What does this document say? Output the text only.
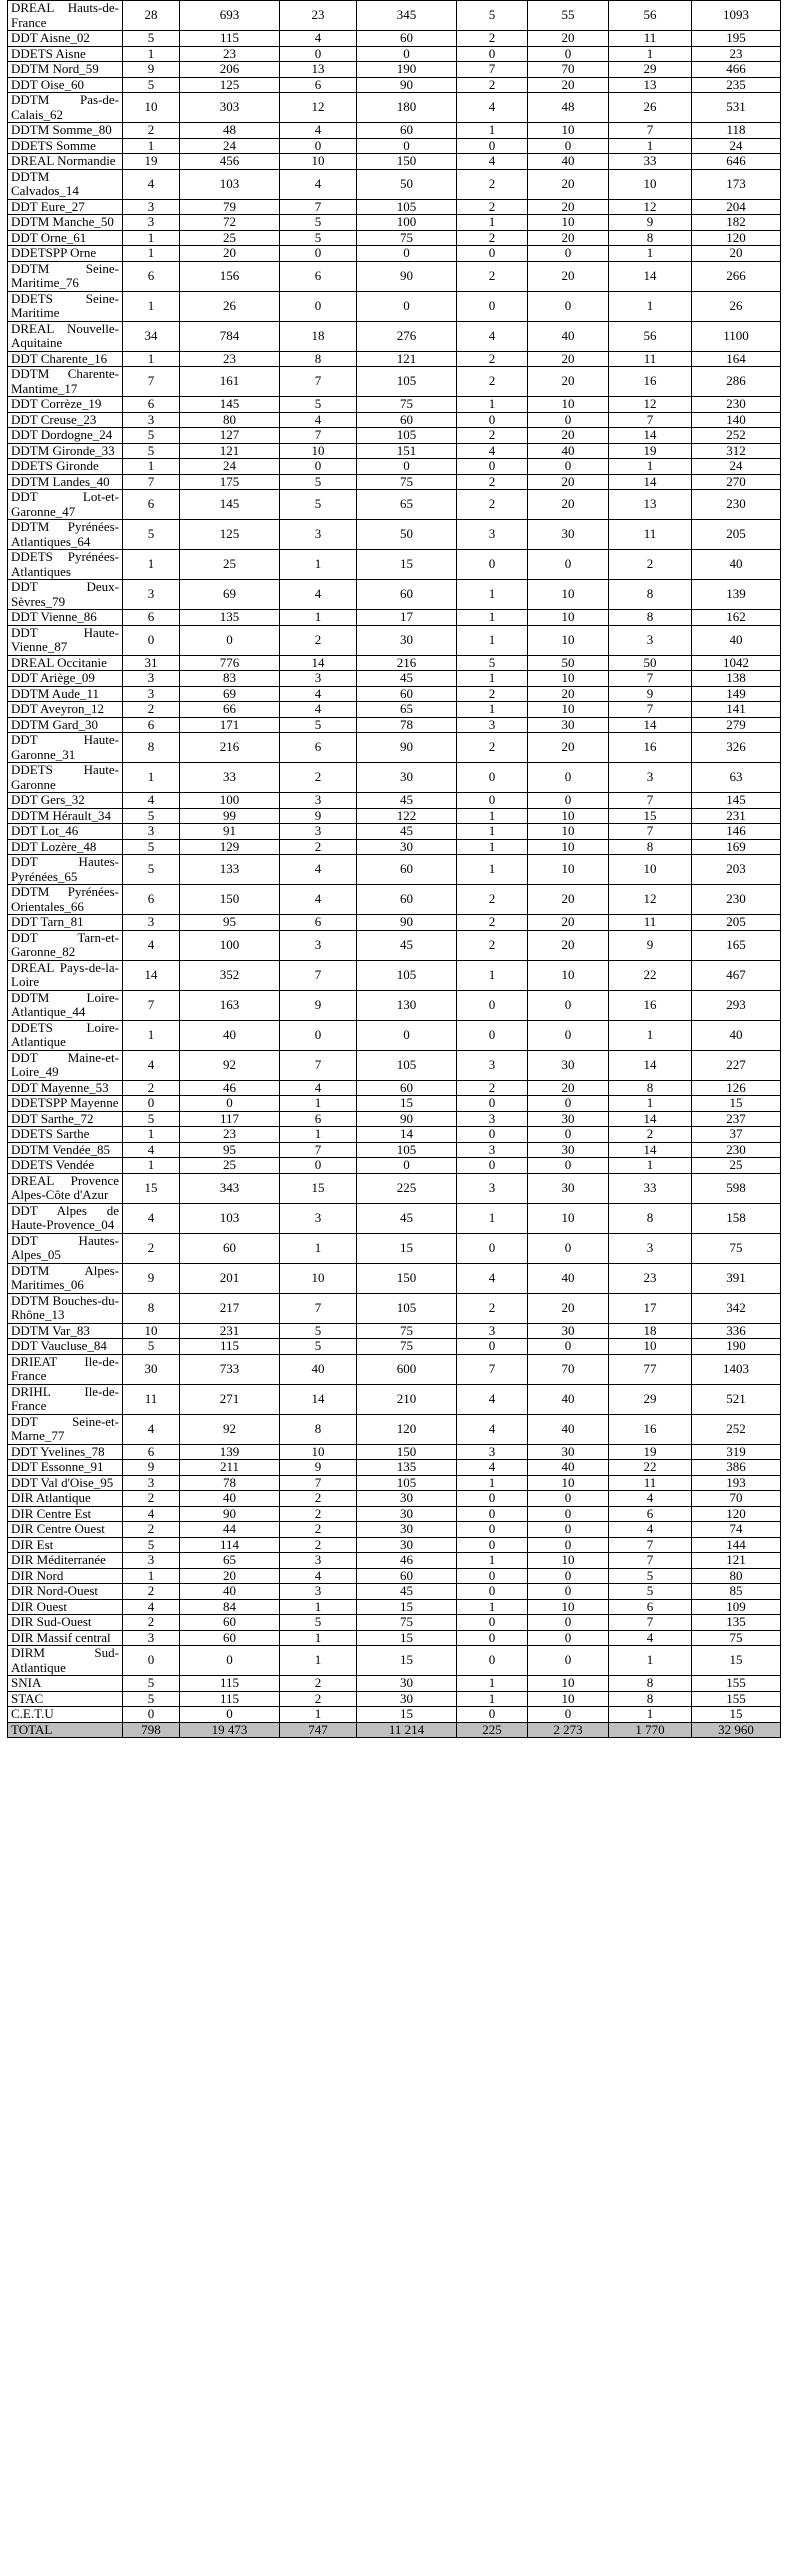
DREAL Hauts-de-France	28	693	23	345	5	55	56	1093
DDT Aisne_02	5	115	4	60	2	20	11	195
DDETS Aisne	1	23	0	0	0	0	1	23
DDTM Nord_59	9	206	13	190	7	70	29	466
DDT Oise_60	5	125	6	90	2	20	13	235
DDTM Pas-de-Calais_62	10	303	12	180	4	48	26	531
DDTM Somme_80	2	48	4	60	1	10	7	118
DDETS Somme	1	24	0	0	0	0	1	24
DREAL Normandie	19	456	10	150	4	40	33	646
DDTM Calvados_14	4	103	4	50	2	20	10	173
DDT Eure_27	3	79	7	105	2	20	12	204
DDTM Manche_50	3	72	5	100	1	10	9	182
DDT Orne_61	1	25	5	75	2	20	8	120
DDETSPP Orne	1	20	0	0	0	0	1	20
DDTM Seine-Maritime_76	6	156	6	90	2	20	14	266
DDETS Seine-Maritime	1	26	0	0	0	0	1	26
DREAL Nouvelle-Aquitaine	34	784	18	276	4	40	56	1100
DDT Charente_16	1	23	8	121	2	20	11	164
DDTM Charente-Mantime_17	7	161	7	105	2	20	16	286
DDT Corrèze_19	6	145	5	75	1	10	12	230
DDT Creuse_23	3	80	4	60	0	0	7	140
DDT Dordogne_24	5	127	7	105	2	20	14	252
DDTM Gironde_33	5	121	10	151	4	40	19	312
DDETS Gironde	1	24	0	0	0	0	1	24
DDTM Landes_40	7	175	5	75	2	20	14	270
DDT Lot-et-Garonne_47	6	145	5	65	2	20	13	230
DDTM Pyrénées-Atlantiques_64	5	125	3	50	3	30	11	205
DDETS Pyrénées-Atlantiques	1	25	1	15	0	0	2	40
DDT Deux-Sèvres_79	3	69	4	60	1	10	8	139
DDT Vienne_86	6	135	1	17	1	10	8	162
DDT Haute-Vienne_87	0	0	2	30	1	10	3	40
DREAL Occitanie	31	776	14	216	5	50	50	1042
DDT Ariège_09	3	83	3	45	1	10	7	138
DDTM Aude_11	3	69	4	60	2	20	9	149
DDT Aveyron_12	2	66	4	65	1	10	7	141
DDTM Gard_30	6	171	5	78	3	30	14	279
DDT Haute-Garonne_31	8	216	6	90	2	20	16	326
DDETS Haute-Garonne	1	33	2	30	0	0	3	63
DDT Gers_32	4	100	3	45	0	0	7	145
DDTM Hérault_34	5	99	9	122	1	10	15	231
DDT Lot_46	3	91	3	45	1	10	7	146
DDT Lozère_48	5	129	2	30	1	10	8	169
DDT Hautes-Pyrénées_65	5	133	4	60	1	10	10	203
DDTM Pyrénées-Orientales_66	6	150	4	60	2	20	12	230
DDT Tarn_81	3	95	6	90	2	20	11	205
DDT Tarn-et-Garonne_82	4	100	3	45	2	20	9	165
DREAL Pays-de-la-Loire	14	352	7	105	1	10	22	467
DDTM Loire-Atlantique_44	7	163	9	130	0	0	16	293
DDETS Loire-Atlantique	1	40	0	0	0	0	1	40
DDT Maine-et-Loire_49	4	92	7	105	3	30	14	227
DDT Mayenne_53	2	46	4	60	2	20	8	126
DDETSPP Mayenne	0	0	1	15	0	0	1	15
DDT Sarthe_72	5	117	6	90	3	30	14	237
DDETS Sarthe	1	23	1	14	0	0	2	37
DDTM Vendée_85	4	95	7	105	3	30	14	230
DDETS Vendée	1	25	0	0	0	0	1	25
DREAL Provence Alpes-Côte d'Azur	15	343	15	225	3	30	33	598
DDT Alpes de Haute-Provence_04	4	103	3	45	1	10	8	158
DDT Hautes-Alpes_05	2	60	1	15	0	0	3	75
DDTM Alpes-Maritimes_06	9	201	10	150	4	40	23	391
DDTM Bouches-du-Rhône_13	8	217	7	105	2	20	17	342
DDTM Var_83	10	231	5	75	3	30	18	336
DDT Vaucluse_84	5	115	5	75	0	0	10	190
DRIEAT Ile-de-France	30	733	40	600	7	70	77	1403
DRIHL Ile-de-France	11	271	14	210	4	40	29	521
DDT Seine-et-Marne_77	4	92	8	120	4	40	16	252
DDT Yvelines_78	6	139	10	150	3	30	19	319
DDT Essonne_91	9	211	9	135	4	40	22	386
DDT Val d'Oise_95	3	78	7	105	1	10	11	193
DIR Atlantique	2	40	2	30	0	0	4	70
DIR Centre Est	4	90	2	30	0	0	6	120
DIR Centre Ouest	2	44	2	30	0	0	4	74
DIR Est	5	114	2	30	0	0	7	144
DIR Méditerranée	3	65	3	46	1	10	7	121
DIR Nord	1	20	4	60	0	0	5	80
DIR Nord-Ouest	2	40	3	45	0	0	5	85
DIR Ouest	4	84	1	15	1	10	6	109
DIR Sud-Ouest	2	60	5	75	0	0	7	135
DIR Massif central	3	60	1	15	0	0	4	75
DIRM Sud-Atlantique	0	0	1	15	0	0	1	15
SNIA	5	115	2	30	1	10	8	155
STAC	5	115	2	30	1	10	8	155
C.E.T.U	0	0	1	15	0	0	1	15
TOTAL	798	19 473	747	11 214	225	2 273	1 770	32 960
